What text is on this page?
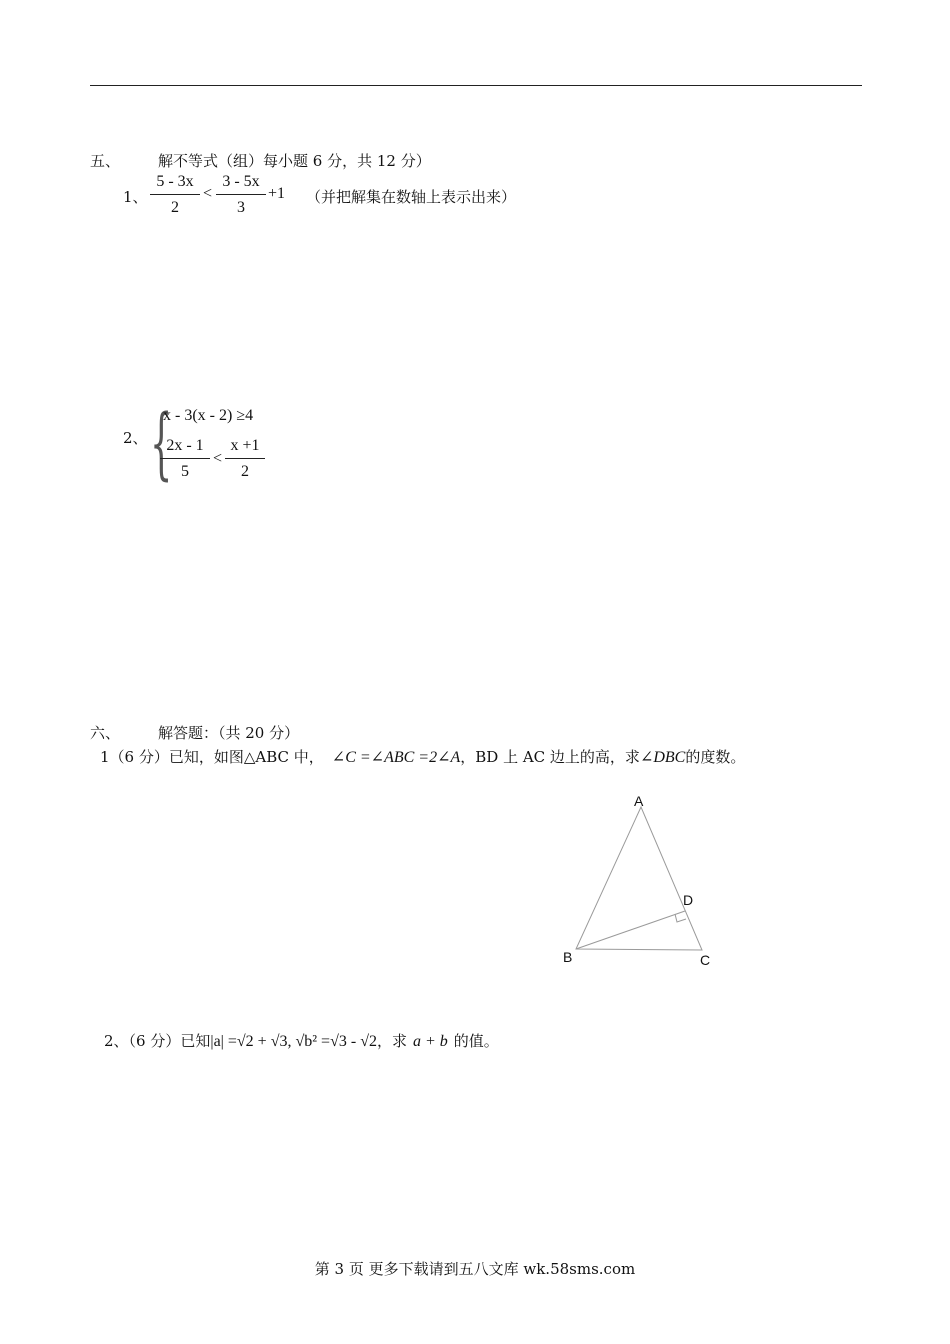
五、	解不等式（组）每小题 6 分，共 12 分）
1、
5 - 3x
2
<
3 - 5x
3
+1 （并把解集在数轴上表示出来）
2、 {
x - 3(x - 2) ≥4
2x - 1
5
<
x +1
2
六、	解答题：（共 20 分）
1（6 分）已知，如图△ABC 中， ∠C =∠ABC =2∠A，BD 上 AC 边上的高，求∠DBC的度数。
A
B	C
D
2、（6 分）已知|a| =√2 + √3, √b² =√3 - √2，求 a + b 的值。
第 3 页 更多下载请到五八文库 wk.58sms.com
